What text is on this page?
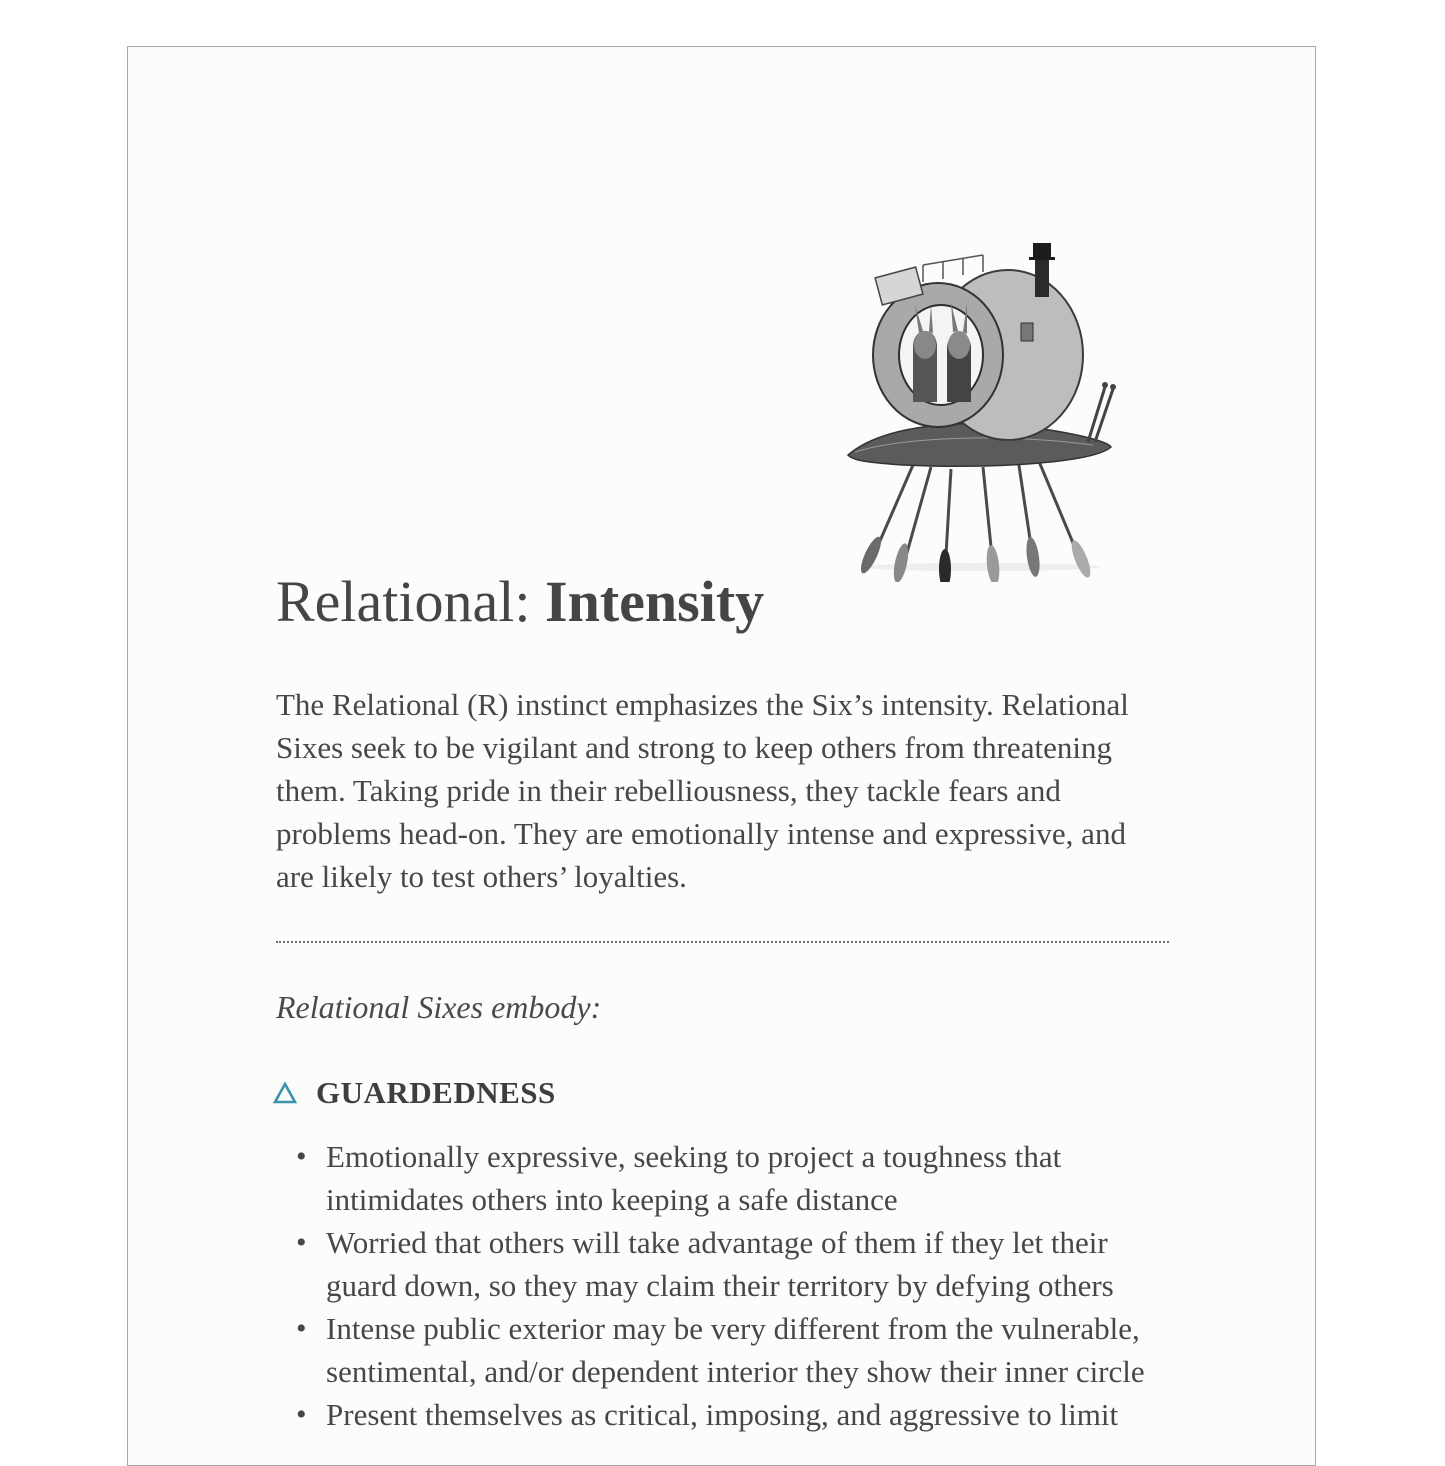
Relational: Intensity

The Relational (R) instinct emphasizes the Six’s intensity. Relational Sixes seek to be vigilant and strong to keep others from threatening them. Taking pride in their rebelliousness, they tackle fears and problems head-on. They are emotionally intense and expressive, and are likely to test others’ loyalties.

Relational Sixes embody:

GUARDEDNESS
• Emotionally expressive, seeking to project a toughness that intimidates others into keeping a safe distance
• Worried that others will take advantage of them if they let their guard down, so they may claim their territory by defying others
• Intense public exterior may be very different from the vulnerable, sentimental, and/or dependent interior they show their inner circle
• Present themselves as critical, imposing, and aggressive to limit
